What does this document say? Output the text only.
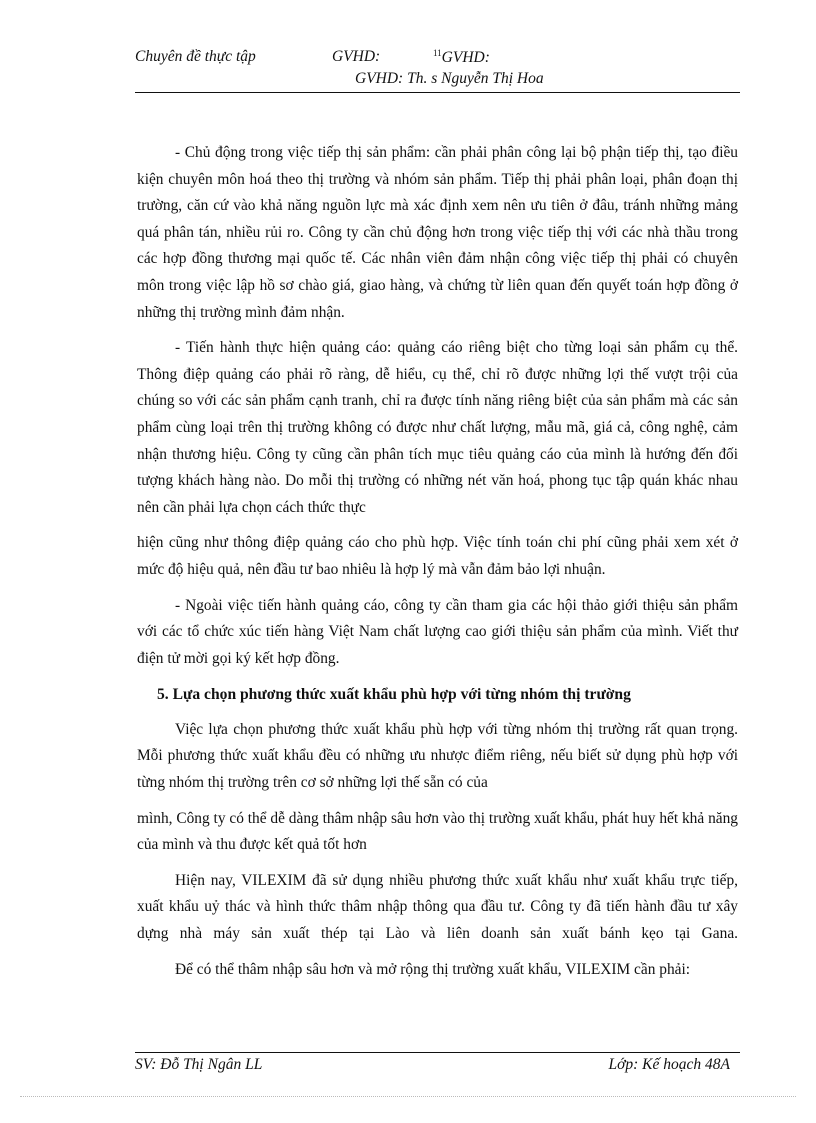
Chuyên đề thực tập	GVHD:	$^{11}$GVHD:
GVHD: Th. s Nguyễn Thị Hoa

- Chủ động trong việc tiếp thị sản phẩm: cần phải phân công lại bộ phận tiếp thị, tạo điều kiện chuyên môn hoá theo thị trường và nhóm sản phẩm. Tiếp thị phải phân loại, phân đoạn thị trường, căn cứ vào khả năng nguồn lực mà xác định xem nên ưu tiên ở đâu, tránh những mảng quá phân tán, nhiều rủi ro. Công ty cần chủ động hơn trong việc tiếp thị với các nhà thầu trong các hợp đồng thương mại quốc tế. Các nhân viên đảm nhận công việc tiếp thị phải có chuyên môn trong việc lập hồ sơ chào giá, giao hàng, và chứng từ liên quan đến quyết toán hợp đồng ở những thị trường mình đảm nhận.

- Tiến hành thực hiện quảng cáo: quảng cáo riêng biệt cho từng loại sản phẩm cụ thể. Thông điệp quảng cáo phải rõ ràng, dễ hiểu, cụ thể, chỉ rõ được những lợi thế vượt trội của chúng so với các sản phẩm cạnh tranh, chỉ ra được tính năng riêng biệt của sản phẩm mà các sản phẩm cùng loại trên thị trường không có được như chất lượng, mẫu mã, giá cả, công nghệ, cảm nhận thương hiệu. Công ty cũng cần phân tích mục tiêu quảng cáo của mình là hướng đến đối tượng khách hàng nào. Do mỗi thị trường có những nét văn hoá, phong tục tập quán khác nhau nên cần phải lựa chọn cách thức thực

hiện cũng như thông điệp quảng cáo cho phù hợp. Việc tính toán chi phí cũng phải xem xét ở mức độ hiệu quả, nên đầu tư bao nhiêu là hợp lý mà vẫn đảm bảo lợi nhuận.

- Ngoài việc tiến hành quảng cáo, công ty cần tham gia các hội thảo giới thiệu sản phẩm với các tổ chức xúc tiến hàng Việt Nam chất lượng cao giới thiệu sản phẩm của mình. Viết thư điện tử mời gọi ký kết hợp đồng.

5. Lựa chọn phương thức xuất khẩu phù hợp với từng nhóm thị trường

Việc lựa chọn phương thức xuất khẩu phù hợp với từng nhóm thị trường rất quan trọng. Mỗi phương thức xuất khẩu đều có những ưu nhược điểm riêng, nếu biết sử dụng phù hợp với từng nhóm thị trường trên cơ sở những lợi thế sẵn có của

mình, Công ty có thể dễ dàng thâm nhập sâu hơn vào thị trường xuất khẩu, phát huy hết khả năng của mình và thu được kết quả tốt hơn

Hiện nay, VILEXIM đã sử dụng nhiều phương thức xuất khẩu như xuất khẩu trực tiếp, xuất khẩu uỷ thác và hình thức thâm nhập thông qua đầu tư. Công ty đã tiến hành đầu tư xây dựng nhà máy sản xuất thép tại Lào và liên doanh sản xuất bánh kẹo tại Gana.

Để có thể thâm nhập sâu hơn và mở rộng thị trường xuất khẩu, VILEXIM cần phải:

SV: Đỗ Thị Ngân LL	Lớp: Kế hoạch 48A
